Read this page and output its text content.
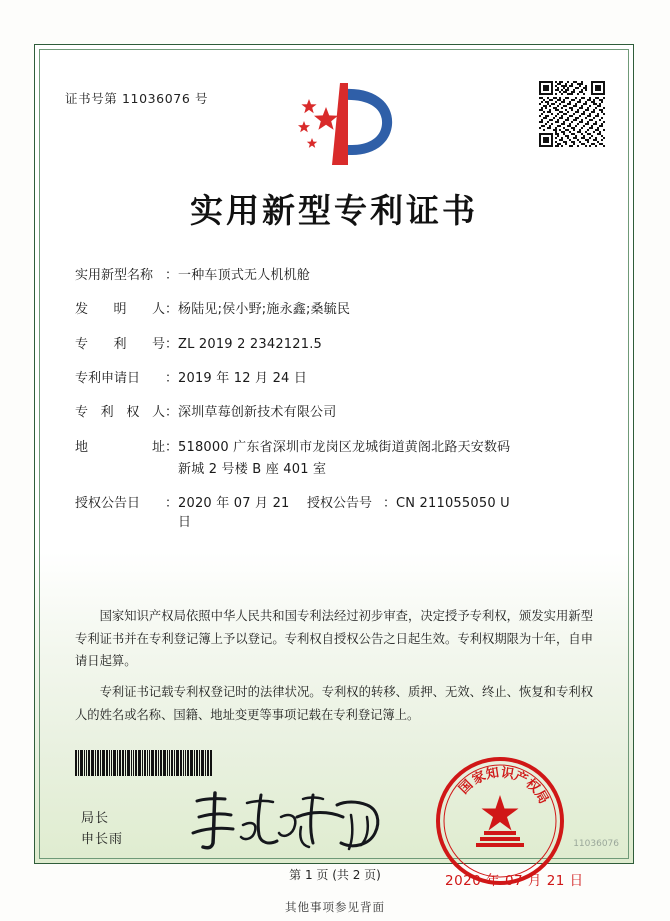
证书号第 11036076 号
实用新型专利证书
实用新型名称 ： 一种车顶式无人机机舱
发 明 人 ： 杨陆见;侯小野;施永鑫;桑毓民
专 利 号 ： ZL 2019 2 2342121.5
专利申请日	： 2019 年 12 月 24 日
专 利 权 人 ： 深圳草莓创新技术有限公司
地	址 ： 518000 广东省深圳市龙岗区龙城街道黄阁北路天安数码
新城 2 号楼 B 座 401 室
授权公告日	： 2020 年 07 月 21 日
授权公告号 ： CN 211055050 U
国家知识产权局依照中华人民共和国专利法经过初步审查，决定授予专利权，颁发实用新型专利证书并在专利登记簿上予以登记。专利权自授权公告之日起生效。专利权期限为十年，自申请日起算。
专利证书记载专利权登记时的法律状况。专利权的转移、质押、无效、终止、恢复和专利权人的姓名或名称、国籍、地址变更等事项记载在专利登记簿上。
局长
申长雨
国
家
知 识
产
权
局
2020 年 07 月 21 日
11036076
第 1 页 (共 2 页)
其他事项参见背面
